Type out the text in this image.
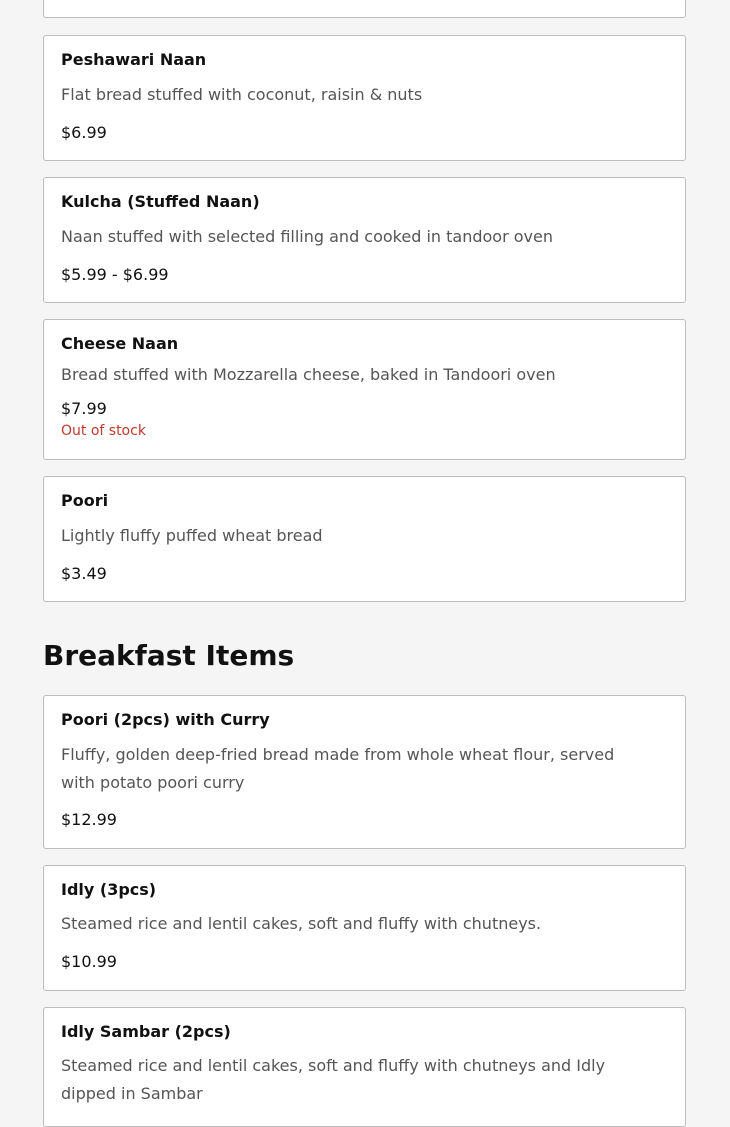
Peshawari Naan

Flat bread stuffed with coconut, raisin & nuts

$6.99

Kulcha (Stuffed Naan)

Naan stuffed with selected filling and cooked in tandoor oven

$5.99 - $6.99

Cheese Naan

Bread stuffed with Mozzarella cheese, baked in Tandoori oven

$7.99

Out of stock

Poori

Lightly fluffy puffed wheat bread

$3.49

Breakfast Items
Poori (2pcs) with Curry

Fluffy, golden deep-fried bread made from whole wheat flour, served with potato poori curry

$12.99

Idly (3pcs)

Steamed rice and lentil cakes, soft and fluffy with chutneys.

$10.99

Idly Sambar (2pcs)

Steamed rice and lentil cakes, soft and fluffy with chutneys and Idly dipped in Sambar
